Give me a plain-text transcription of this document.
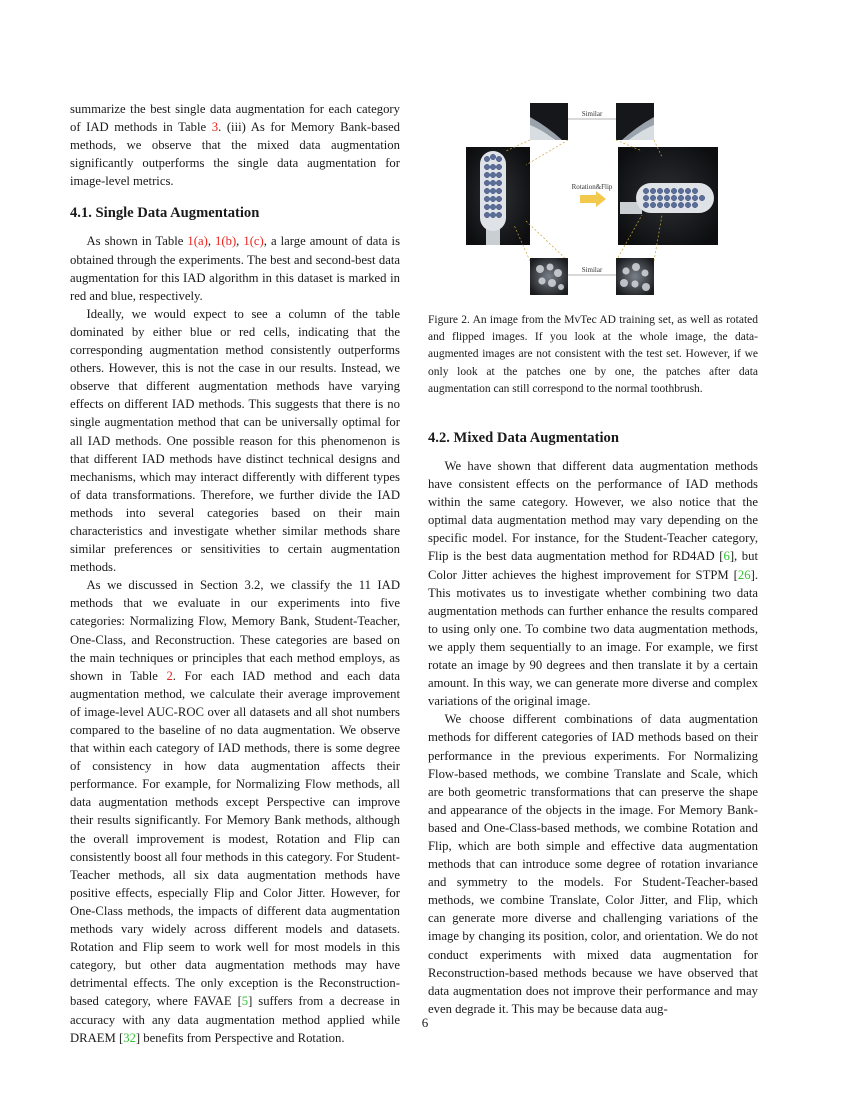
summarize the best single data augmentation for each category of IAD methods in Table 3. (iii) As for Memory Bank-based methods, we observe that the mixed data augmentation significantly outperforms the single data augmentation for image-level metrics.

4.1. Single Data Augmentation

As shown in Table 1(a), 1(b), 1(c), a large amount of data is obtained through the experiments. The best and second-best data augmentation for this IAD algorithm in this dataset is marked in red and blue, respectively.

Ideally, we would expect to see a column of the table dominated by either blue or red cells, indicating that the corresponding augmentation method consistently outperforms others. However, this is not the case in our results. Instead, we observe that different augmentation methods have varying effects on different IAD methods. This suggests that there is no single augmentation method that can be universally optimal for all IAD methods. One possible reason for this phenomenon is that different IAD methods have distinct technical designs and mechanisms, which may interact differently with different types of data transformations. Therefore, we further divide the IAD methods into several categories based on their main characteristics and investigate whether similar methods share similar preferences or sensitivities to certain augmentation methods.

As we discussed in Section 3.2, we classify the 11 IAD methods that we evaluate in our experiments into five categories: Normalizing Flow, Memory Bank, Student-Teacher, One-Class, and Reconstruction. These categories are based on the main techniques or principles that each method employs, as shown in Table 2. For each IAD method and each data augmentation method, we calculate their average improvement of image-level AUC-ROC over all datasets and all shot numbers compared to the baseline of no data augmentation. We observe that within each category of IAD methods, there is some degree of consistency in how data augmentation affects their performance. For example, for Normalizing Flow methods, all data augmentation methods except Perspective can improve their results significantly. For Memory Bank methods, although the overall improvement is modest, Rotation and Flip can consistently boost all four methods in this category. For Student-Teacher methods, all six data augmentation methods have positive effects, especially Flip and Color Jitter. However, for One-Class methods, the impacts of different data augmentation methods vary widely across different models and datasets. Rotation and Flip seem to work well for most models in this category, but other data augmentation methods may have detrimental effects. The only exception is the Reconstruction-based category, where FAVAE [5] suffers from a decrease in accuracy with any data augmentation method applied while DRAEM [32] benefits from Perspective and Rotation.

Similar
Rotation&Flip
Similar

Figure 2. An image from the MvTec AD training set, as well as rotated and flipped images. If you look at the whole image, the data-augmented images are not consistent with the test set. However, if we only look at the patches one by one, the patches after data augmentation can still correspond to the normal toothbrush.

4.2. Mixed Data Augmentation

We have shown that different data augmentation methods have consistent effects on the performance of IAD methods within the same category. However, we also notice that the optimal data augmentation method may vary depending on the specific model. For instance, for the Student-Teacher category, Flip is the best data augmentation method for RD4AD [6], but Color Jitter achieves the highest improvement for STPM [26]. This motivates us to investigate whether combining two data augmentation methods can further enhance the results compared to using only one. To combine two data augmentation methods, we apply them sequentially to an image. For example, we first rotate an image by 90 degrees and then translate it by a certain amount. In this way, we can generate more diverse and complex variations of the original image.

We choose different combinations of data augmentation methods for different categories of IAD methods based on their performance in the previous experiments. For Normalizing Flow-based methods, we combine Translate and Scale, which are both geometric transformations that can preserve the shape and appearance of the objects in the image. For Memory Bank-based and One-Class-based methods, we combine Rotation and Flip, which are both simple and effective data augmentation methods that can introduce some degree of rotation invariance and symmetry to the models. For Student-Teacher-based methods, we combine Translate, Color Jitter, and Flip, which can generate more diverse and challenging variations of the image by changing its position, color, and orientation. We do not conduct experiments with mixed data augmentation for Reconstruction-based methods because we have observed that data augmentation does not improve their performance and may even degrade it. This may be because data aug-

6
